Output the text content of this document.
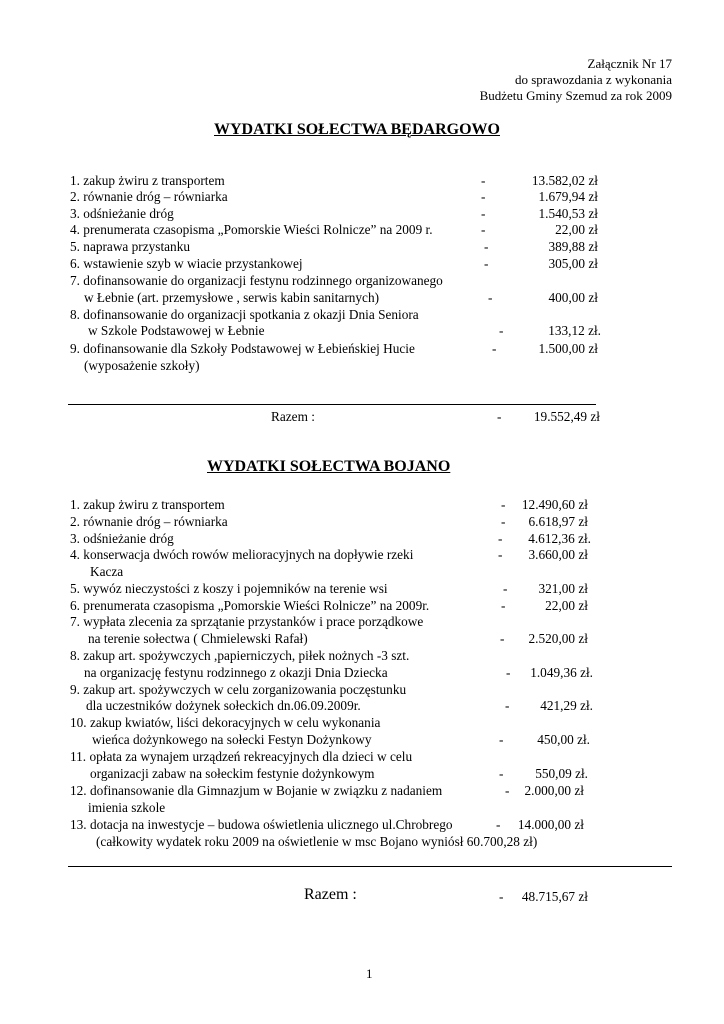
Załącznik Nr 17
do sprawozdania z wykonania
Budżetu Gminy Szemud za rok 2009
WYDATKI SOŁECTWA BĘDARGOWO
1. zakup żwiru z transportem	-	13.582,02 zł
2. równanie dróg – równiarka	-	1.679,94 zł
3. odśnieżanie dróg	-	1.540,53 zł
4. prenumerata czasopisma „Pomorskie Wieści Rolnicze” na 2009 r.	-	22,00 zł
5. naprawa przystanku	-	389,88 zł
6. wstawienie szyb w wiacie przystankowej	-	305,00 zł
7. dofinansowanie do organizacji festynu rodzinnego organizowanego
w Łebnie (art. przemysłowe , serwis kabin sanitarnych)	-	400,00 zł
8. dofinansowanie do organizacji spotkania z okazji Dnia Seniora
w Szkole Podstawowej w Łebnie	-	133,12 zł.
9. dofinansowanie dla Szkoły Podstawowej w Łebieńskiej Hucie
(wyposażenie szkoły)
-	1.500,00 zł
Razem :	- 19.552,49 zł
WYDATKI SOŁECTWA BOJANO
1. zakup żwiru z transportem	- 12.490,60 zł
2. równanie dróg – równiarka	- 6.618,97 zł
3. odśnieżanie dróg	- 4.612,36 zł.
4. konserwacja dwóch rowów melioracyjnych na dopływie rzeki
Kacza
- 3.660,00 zł
5. wywóz nieczystości z koszy i pojemników na terenie wsi	- 321,00 zł
6. prenumerata czasopisma „Pomorskie Wieści Rolnicze” na 2009r.	-	22,00 zł
7. wypłata zlecenia za sprzątanie przystanków i prace porządkowe
na terenie sołectwa ( Chmielewski Rafał)	- 2.520,00 zł
8. zakup art. spożywczych ,papierniczych, piłek nożnych -3 szt.
na organizację festynu rodzinnego z okazji Dnia Dziecka	- 1.049,36 zł.
9. zakup art. spożywczych w celu zorganizowania poczęstunku
dla uczestników dożynek sołeckich dn.06.09.2009r.	- 421,29 zł.
10. zakup kwiatów, liści dekoracyjnych w celu wykonania
wieńca dożynkowego na sołecki Festyn Dożynkowy	-	450,00 zł.
11. opłata za wynajem urządzeń rekreacyjnych dla dzieci w celu
organizacji zabaw na sołeckim festynie dożynkowym	- 550,09 zł.
12. dofinansowanie dla Gimnazjum w Bojanie w związku z nadaniem
imienia szkole
- 2.000,00 zł
13. dotacja na inwestycje – budowa oświetlenia ulicznego ul.Chrobrego
(całkowity wydatek roku 2009 na oświetlenie w msc Bojano wyniósł 60.700,28 zł)
- 14.000,00 zł
Razem :	- 48.715,67 zł
1
